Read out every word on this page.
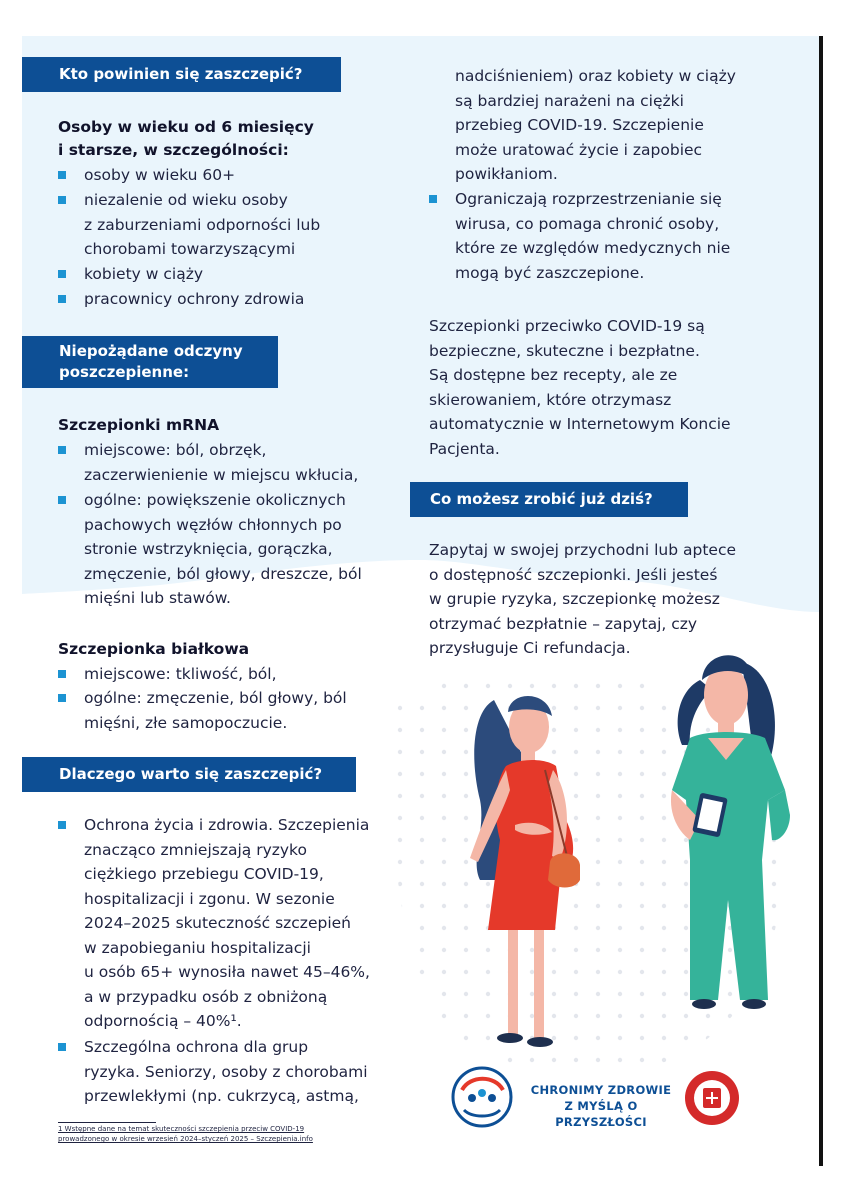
Kto powinien się zaszczepić?
Osoby w wieku od 6 miesięcy
i starsze, w szczególności:
osoby w wieku 60+
niezalenie od wieku osoby
z zaburzeniami odporności lub
chorobami towarzyszącymi
kobiety w ciąży
pracownicy ochrony zdrowia
Niepożądane odczyny
poszczepienne:
Szczepionki mRNA
miejscowe: ból, obrzęk,
zaczerwienienie w miejscu wkłucia,
ogólne: powiększenie okolicznych
pachowych węzłów chłonnych po
stronie wstrzyknięcia, gorączka,
zmęczenie, ból głowy, dreszcze, ból
mięśni lub stawów.
Szczepionka białkowa
miejscowe: tkliwość, ból,
ogólne: zmęczenie, ból głowy, ból
mięśni, złe samopoczucie.
Dlaczego warto się zaszczepić?
Ochrona życia i zdrowia. Szczepienia
znacząco zmniejszają ryzyko
ciężkiego przebiegu COVID-19,
hospitalizacji i zgonu. W sezonie
2024–2025 skuteczność szczepień
w zapobieganiu hospitalizacji
u osób 65+ wynosiła nawet 45–46%,
a w przypadku osób z obniżoną
odpornością – 40%¹.
Szczególna ochrona dla grup
ryzyka. Seniorzy, osoby z chorobami
przewlekłymi (np. cukrzycą, astmą,
1 Wstępne dane na temat skuteczności szczepienia przeciw COVID-19
prowadzonego w okresie wrzesień 2024–styczeń 2025 – Szczepienia.info
nadciśnieniem) oraz kobiety w ciąży
są bardziej narażeni na ciężki
przebieg COVID-19. Szczepienie
może uratować życie i zapobiec
powikłaniom.
Ograniczają rozprzestrzenianie się
wirusa, co pomaga chronić osoby,
które ze względów medycznych nie
mogą być zaszczepione.
Szczepionki przeciwko COVID-19 są
bezpieczne, skuteczne i bezpłatne.
Są dostępne bez recepty, ale ze
skierowaniem, które otrzymasz
automatycznie w Internetowym Koncie
Pacjenta.
Co możesz zrobić już dziś?
Zapytaj w swojej przychodni lub aptece
o dostępność szczepionki. Jeśli jesteś
w grupie ryzyka, szczepionkę możesz
otrzymać bezpłatnie – zapytaj, czy
przysługuje Ci refundacja.
CHRONIMY ZDROWIE
Z MYŚLĄ O PRZYSZŁOŚCI
